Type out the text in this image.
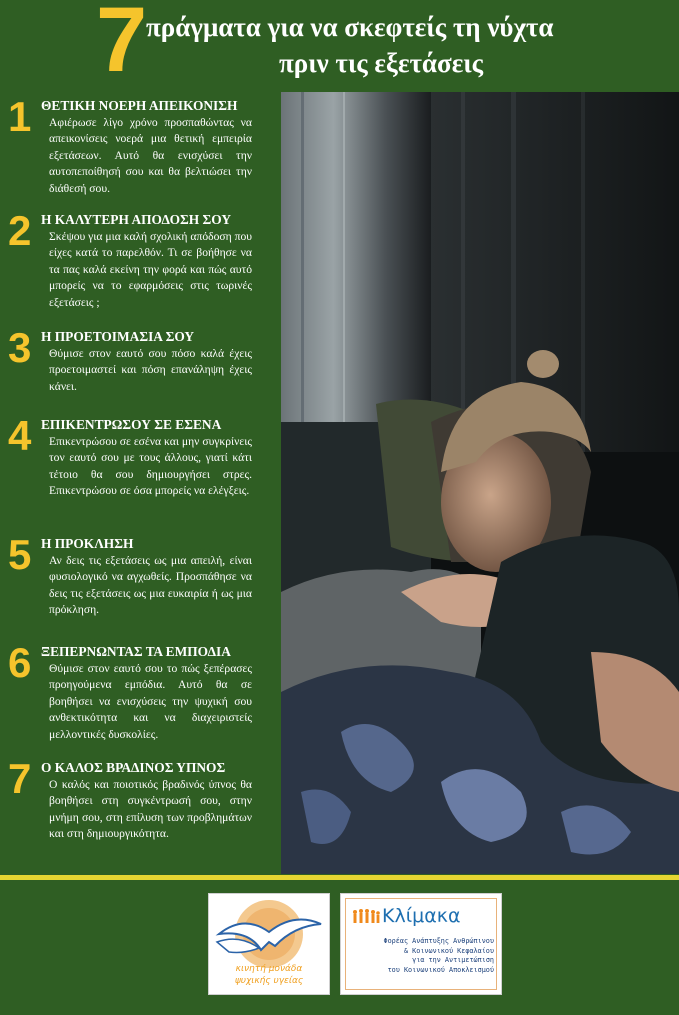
7
πράγματα για να σκεφτείς τη νύχτα
πριν τις εξετάσεις
1 ΘΕΤΙΚΗ ΝΟΕΡΗ ΑΠΕΙΚΟΝΙΣΗ
Αφιέρωσε λίγο χρόνο προσπαθώντας να απεικονίσεις νοερά μια θετική εμπειρία εξετάσεων. Αυτό θα ενισχύσει την αυτοπεποίθησή σου και θα βελτιώσει την διάθεσή σου.
2 Η ΚΑΛΥΤΕΡΗ ΑΠΟΔΟΣΗ ΣΟΥ
Σκέψου για μια καλή σχολική απόδοση που είχες κατά το παρελθόν. Τι σε βοήθησε να τα πας καλά εκείνη την φορά και πώς αυτό μπορείς να το εφαρμόσεις στις τωρινές εξετάσεις ;
3 Η ΠΡΟΕΤΟΙΜΑΣΙΑ ΣΟΥ
Θύμισε στον εαυτό σου πόσο καλά έχεις προετοιμαστεί και πόση επανάληψη έχεις κάνει.
4 ΕΠΙΚΕΝΤΡΩΣΟΥ ΣΕ ΕΣΕΝΑ
Επικεντρώσου σε εσένα και μην συγκρίνεις τον εαυτό σου με τους άλλους, γιατί κάτι τέτοιο θα σου δημιουργήσει στρες. Επικεντρώσου σε όσα μπορείς να ελέγξεις.
5 Η ΠΡΟΚΛΗΣΗ
Αν δεις τις εξετάσεις ως μια απειλή, είναι φυσιολογικό να αγχωθείς. Προσπάθησε να δεις τις εξετάσεις ως μια ευκαιρία ή ως μια πρόκληση.
6 ΞΕΠΕΡΝΩΝΤΑΣ ΤΑ ΕΜΠΟΔΙΑ
Θύμισε στον εαυτό σου το πώς ξεπέρασες προηγούμενα εμπόδια. Αυτό θα σε βοηθήσει να ενισχύσεις την ψυχική σου ανθεκτικότητα και να διαχειριστείς μελλοντικές δυσκολίες.
7 Ο ΚΑΛΟΣ ΒΡΑΔΙΝΟΣ ΥΠΝΟΣ
Ο καλός και ποιοτικός βραδινός ύπνος θα βοηθήσει στη συγκέντρωσή σου, στην μνήμη σου, στη επίλυση των προβλημάτων και στη δημιουργικότητα.
κινητή μονάδα
ψυχικής υγείας
Κλίμακα
Φορέας Ανάπτυξης Ανθρώπινου
& Κοινωνικού Κεφαλαίου
για την Αντιμετώπιση
του Κοινωνικού Αποκλεισμού
